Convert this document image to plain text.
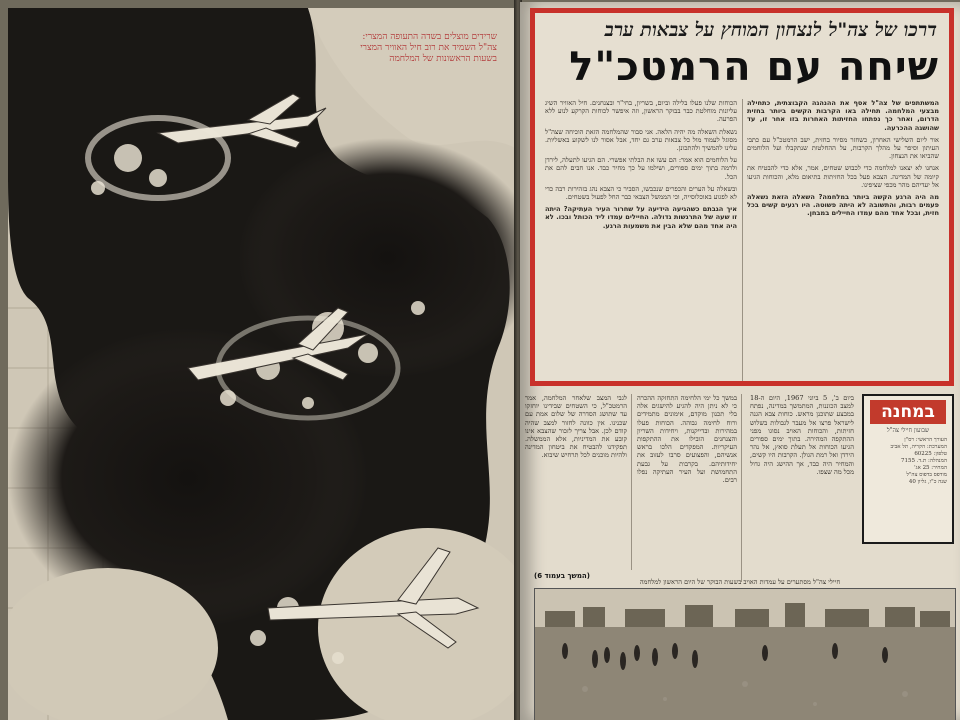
שרידים מוצלים בשדה התעופה המצרי: צה"ל השמיד את רוב חיל האוויר המצרי בשעות הראשונות של המלחמה
דרכו של צה"ל לנצחון המוחץ על צבאות ערב
שיחה עם הרמטכ"ל

המשתתפים של צה"ל אסף את ההנהגה הקבוצתית, כתחילה מבצעי המלחמה. תחילה באו הקרבות הקשים ביותר בחזית הדרום, ואחר כך נפתחו החזיתות האחרות בזו אחר זו, עד שהושגה ההכרעה.

אור ליום השלישי האחרון, כשחזר מסיור בחזית, ישב הרמטכ"ל עם כתבי העיתון וסיפר על מהלך הקרבות, על ההחלטות שנתקבלו ועל הלוחמים שהביאו את הנצחון.

אנחנו לא יצאנו למלחמה כדי לכבוש שטחים, אמר, אלא כדי להבטיח את קיומה של המדינה. הצבא פעל בכל החזיתות בתיאום מלא, והכוחות הגיעו אל יעדיהם מהר מכפי שציפינו.

מה היה הרגע הקשה ביותר במלחמה? השאלה הזאת נשאלה פעמים רבות, והתשובה לא היתה פשוטה. היו רגעים קשים בכל חזית, ובכל אחד מהם עמדו החיילים במבחן.

הכוחות שלנו פעלו בלילה וביום, בשריון, בחי"ר ובצנחנים. חיל האוויר השיג עליונות מוחלטת כבר בבוקר הראשון, וזה איפשר לכוחות הקרקע לנוע ללא הפרעה.

נשאלת השאלה מה יהיה הלאה. אני סבור שהמלחמה הזאת הוכיחה שצה"ל מסוגל לעמוד מול כל צבאות ערב גם יחד, אבל אסור לנו לשקוע באשליות. עלינו להמשיך ולהתכונן.

על הלוחמים הוא אמר: הם עשו את הבלתי אפשרי. הם הגיעו לתעלה, לירדן ולרמה בתוך ימים ספורים, ושילמו על כך מחיר כבד. אנו חבים להם את הכל.

ובשאלה על הערים והכפרים שנכבשו, הסביר כי הצבא נהג בזהירות רבה כדי לא לפגוע באוכלוסייה, וכי הממשל הצבאי כבר החל לפעול בשטחים.

איך הגבתם כשהגיעה הידיעה על שחרור העיר העתיקה? היתה זו שעה של התרגשות גדולה. החיילים עמדו ליד הכותל ובכו. לא היה אחד מהם שלא הבין את משמעות הרגע.

במחנה
שבועון חיילי צה"ל
העורך הראשי: רס"ן
המערכת: הקריה, תל אביב
טלפון: 60225
המנהלה: ת.ד. 7155
המחיר: 25 אג'
מודפס בדפוס צה"ל
שנה כ"ו, גליון 40
ביום ב', 5 ביוני 1967, היום ה-18 למצב הכוננות, המתמשך במדינה, נפתח במבצע שתוכנן מראש. כוחות צבא הגנה לישראל פרצו אל מעבר לגבולות בשלוש חזיתות, והכוחות האויב נסוגו מפני ההתקפה המהירה. בתוך ימים ספורים הגיעו הכוחות אל תעלת סואץ, אל נהר הירדן ואל רמת הגולן. הקרבות היו קשים, והמחיר היה כבד, אך ההישג היה גדול מכל מה שצפו.
במשך כל ימי הלחימה התחזקה ההכרה כי לא ניתן היה להגיע להישגים אלה בלי תכנון מוקדם, אימונים מתמידים ורוח לחימה גבוהה. הכוחות פעלו במהירות ובדייקנות, ויחידות השריון והצנחנים הובילו את ההתקפות העיקריות. המפקדים הלכו בראש אנשיהם, והפצועים סרבו לעזוב את יחידותיהם. בקרבות על גבעת התחמושת ועל העיר העתיקה נפלו רבים.
לגבי המצב שלאחר המלחמה, אמר הרמטכ"ל, כי השטחים שבידינו יוחזקו עד שתושג הסדרה של שלום אמת עם שכנינו. אין כוונה לחזור למצב שהיה קודם לכן. אבל צריך לזכור שהצבא אינו קובע את המדיניות, אלא הממשלה. תפקידנו להבטיח את ביטחון המדינה ולהיות מוכנים לכל תרחיש שיבוא.
(המשך בעמוד 6)
חיילי צה"ל מסתערים על עמדות האויב בשעות הבוקר של היום הראשון למלחמה
